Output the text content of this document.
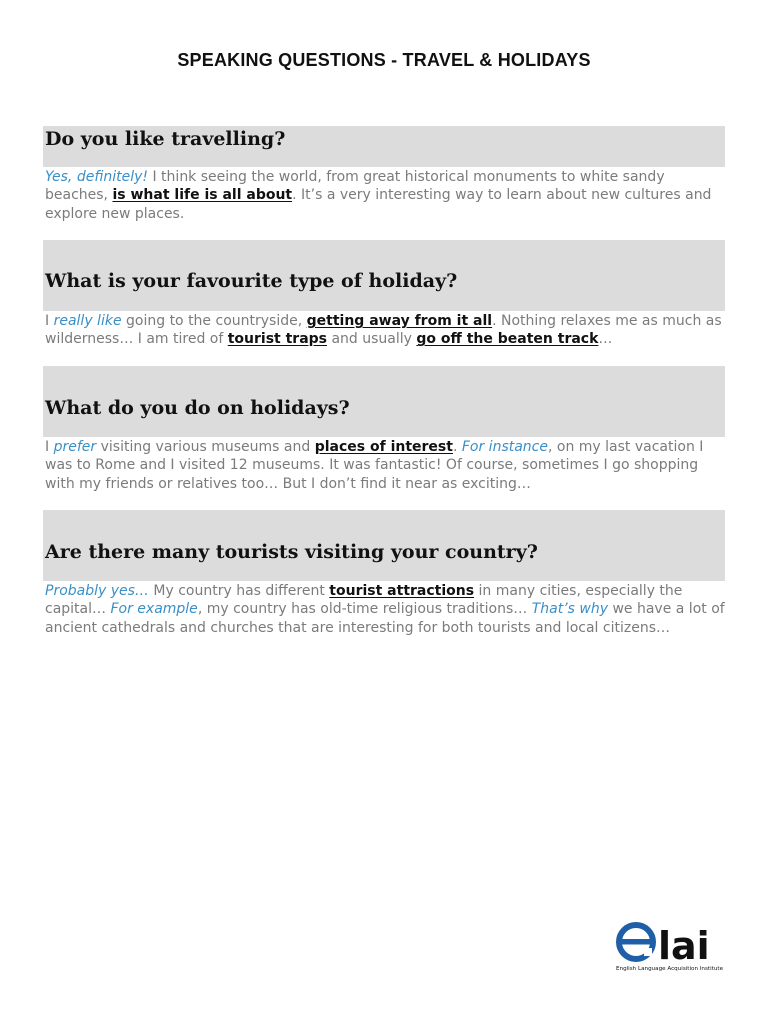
SPEAKING QUESTIONS - TRAVEL & HOLIDAYS
Do you like travelling?
Yes, definitely! I think seeing the world, from great historical monuments to white sandy beaches, is what life is all about. It’s a very interesting way to learn about new cultures and explore new places.
What is your favourite type of holiday?
I really like going to the countryside, getting away from it all. Nothing relaxes me as much as wilderness… I am tired of tourist traps and usually go off the beaten track…
What do you do on holidays?
I prefer visiting various museums and places of interest. For instance, on my last vacation I was to Rome and I visited 12 museums. It was fantastic! Of course, sometimes I go shopping with my friends or relatives too… But I don’t find it near as exciting…
Are there many tourists visiting your country?
Probably yes… My country has different tourist attractions in many cities, especially the capital… For example, my country has old-time religious traditions… That’s why we have a lot of ancient cathedrals and churches that are interesting for both tourists and local citizens…
lai
English Language Acquisition Institute
